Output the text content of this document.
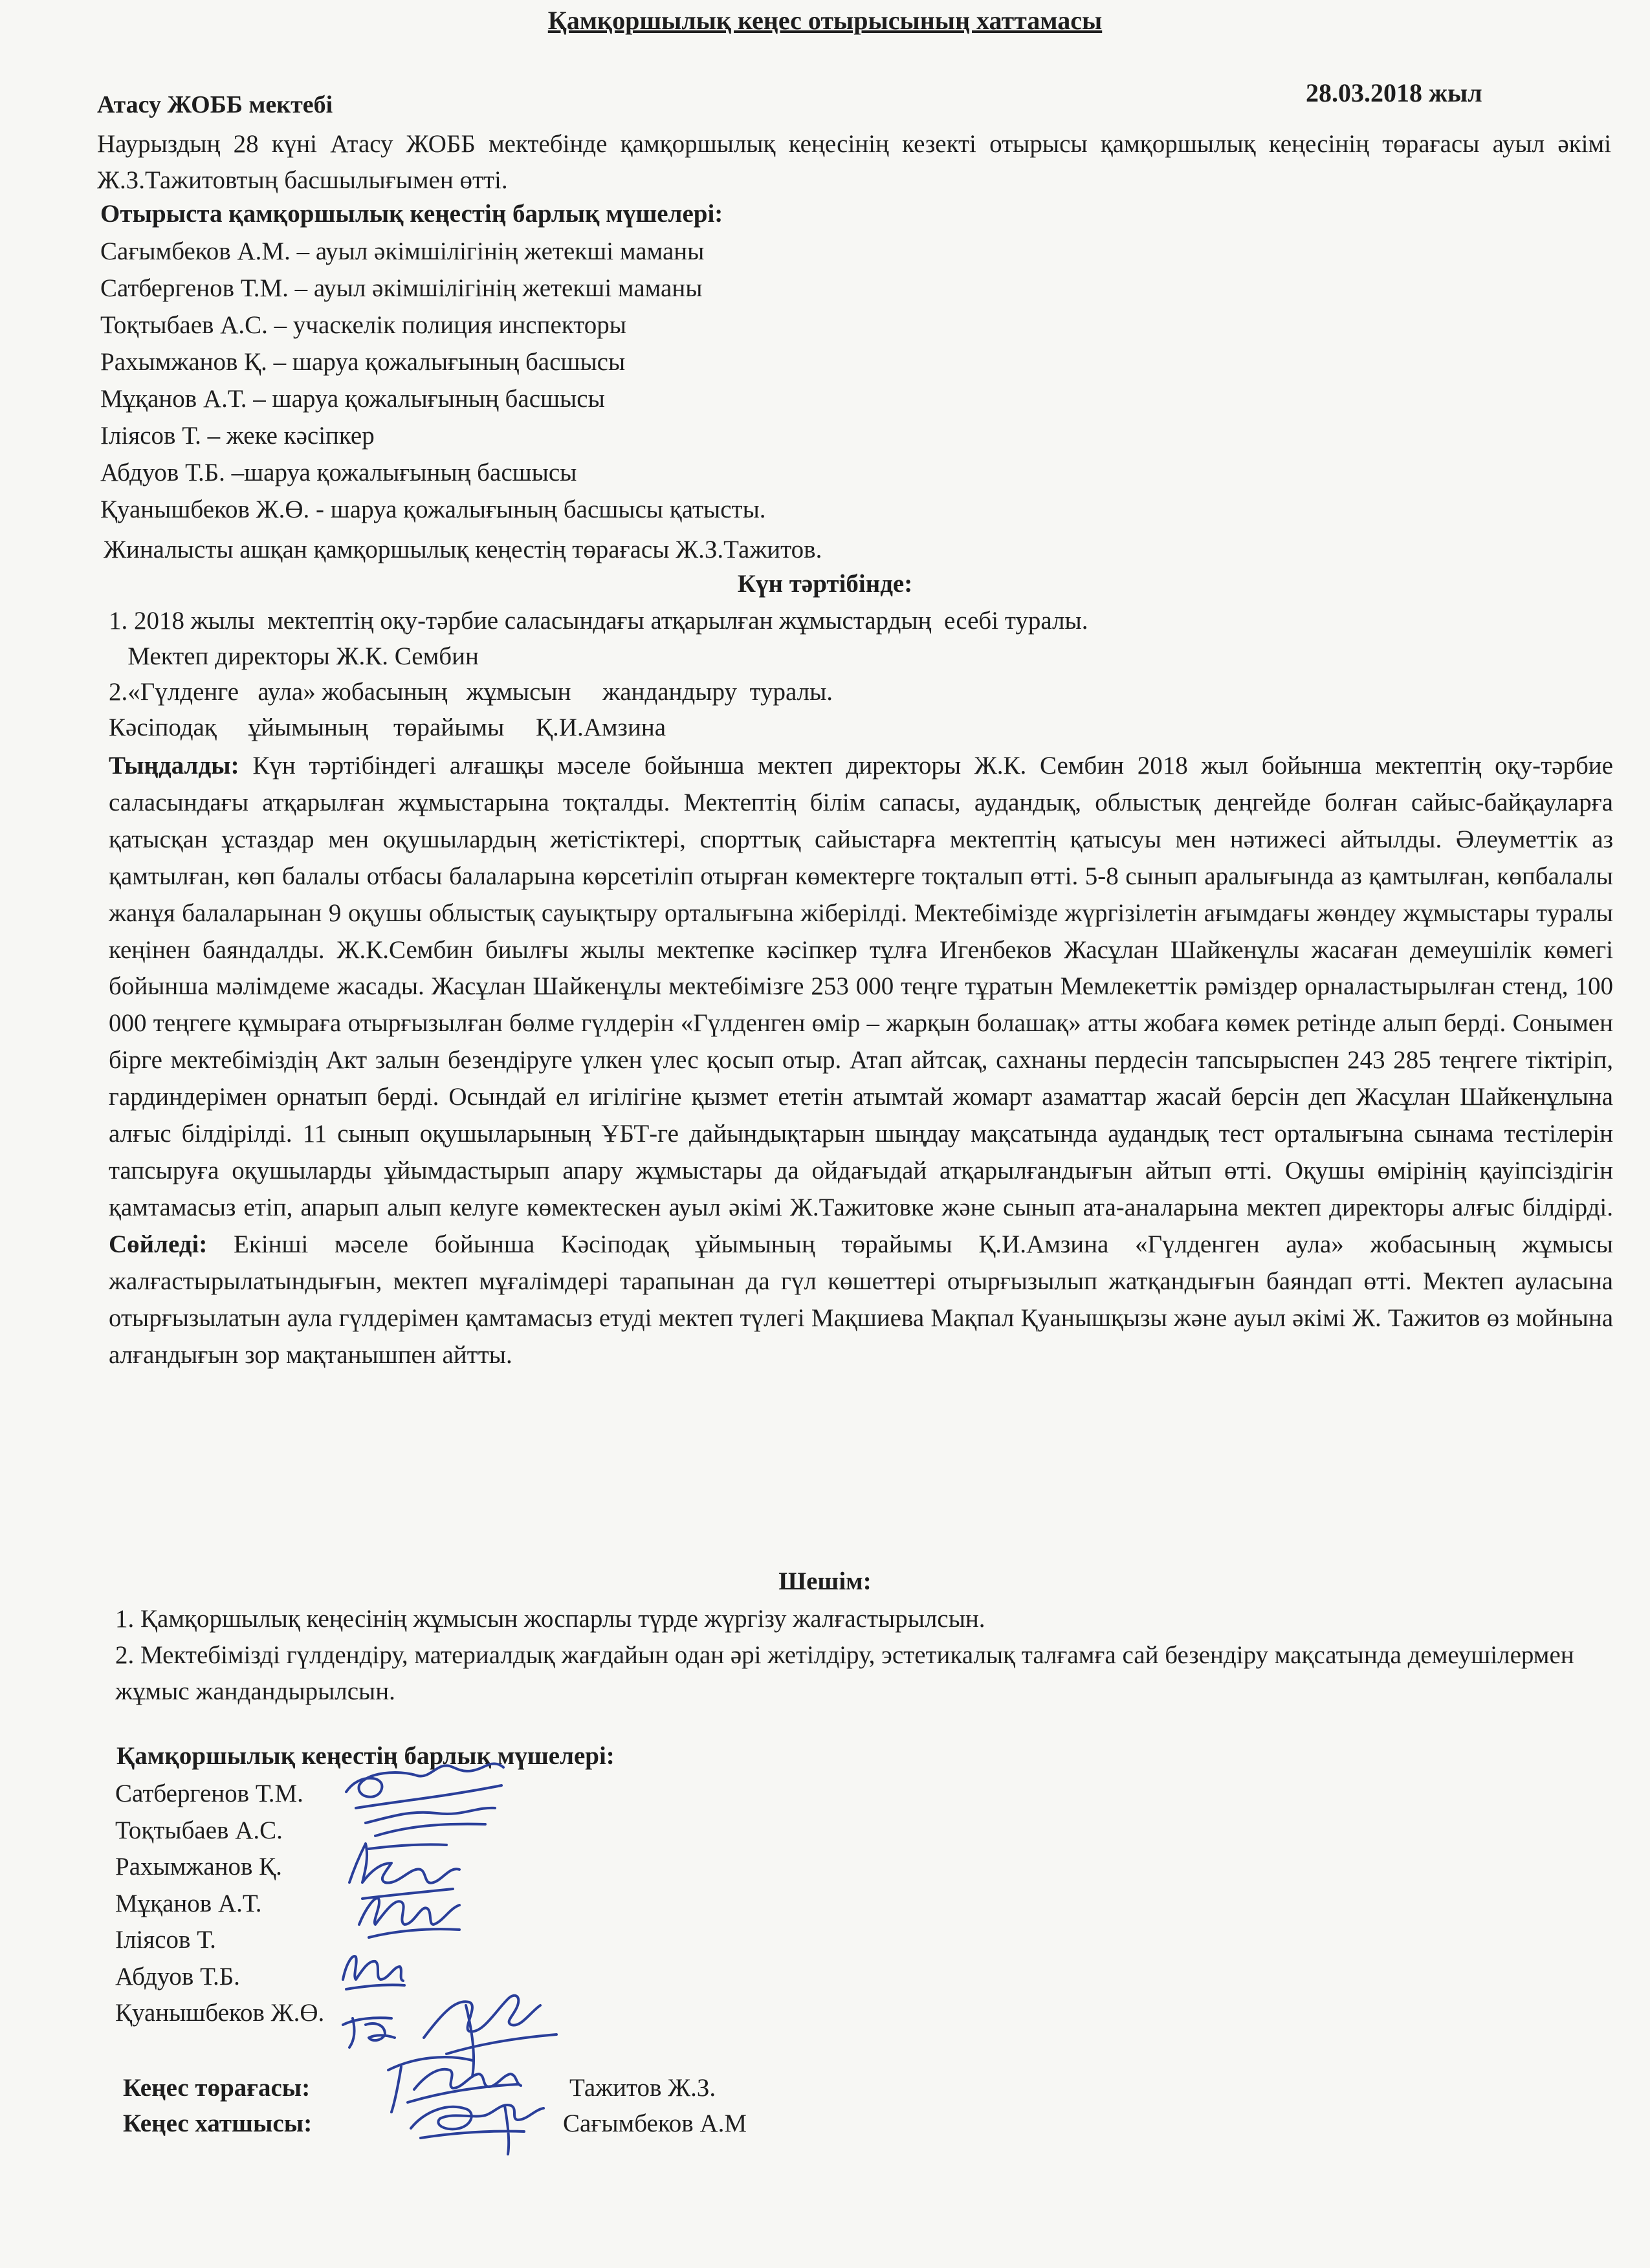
Қамқоршылық кеңес отырысының хаттамасы
Атасу ЖОББ мектебі	28.03.2018 жыл
Наурыздың 28 күні Атасу ЖОББ мектебінде қамқоршылық кеңесінің кезекті отырысы қамқоршылық кеңесінің төрағасы ауыл әкімі Ж.З.Тажитовтың басшылығымен өтті.
Отырыста қамқоршылық кеңестің барлық мүшелері:
Сағымбеков А.М. – ауыл әкімшілігінің жетекші маманы
Сатбергенов Т.М. – ауыл әкімшілігінің жетекші маманы
Тоқтыбаев А.С. – учаскелік полиция инспекторы
Рахымжанов Қ. – шаруа қожалығының басшысы
Мұқанов А.Т. – шаруа қожалығының басшысы
Іліясов Т. – жеке кәсіпкер
Абдуов Т.Б. –шаруа қожалығының басшысы
Қуанышбеков Ж.Ө. - шаруа қожалығының басшысы қатысты.
Жиналысты ашқан қамқоршылық кеңестің төрағасы Ж.З.Тажитов.
Күн тәртібінде:
1. 2018 жылы  мектептің оқу-тәрбие саласындағы атқарылған жұмыстардың  есебі туралы.
Мектеп директоры Ж.К. Сембин
2.«Гүлденге   аула» жобасының   жұмысын     жандандыру  туралы.
Кәсіподақ     ұйымының    төрайымы     Қ.И.Амзина

Тыңдалды: Күн тәртібіндегі алғашқы мәселе бойынша мектеп директоры Ж.К. Сембин 2018 жыл бойынша мектептің оқу-тәрбие саласындағы атқарылған жұмыстарына тоқталды. Мектептің білім сапасы, аудандық, облыстық деңгейде болған сайыс-байқауларға қатысқан ұстаздар мен оқушылардың жетістіктері, спорттық сайыстарға мектептің қатысуы мен нәтижесі айтылды. Әлеуметтік аз қамтылған, көп балалы отбасы балаларына көрсетіліп отырған көмектерге тоқталып өтті. 5-8 сынып аралығында аз қамтылған, көпбалалы жанұя балаларынан 9 оқушы облыстық сауықтыру орталығына жіберілді. Мектебімізде жүргізілетін ағымдағы жөндеу жұмыстары туралы кеңінен баяндалды. Ж.К.Сембин биылғы жылы мектепке кәсіпкер тұлға Игенбеков Жасұлан Шайкенұлы жасаған демеушілік көмегі бойынша мәлімдеме жасады. Жасұлан Шайкенұлы мектебімізге 253 000 теңге тұратын Мемлекеттік рәміздер орналастырылған стенд, 100 000 теңгеге құмыраға отырғызылған бөлме гүлдерін «Гүлденген өмір – жарқын болашақ» атты жобаға көмек ретінде алып берді. Сонымен бірге мектебіміздің Акт залын безендіруге үлкен үлес қосып отыр. Атап айтсақ, сахнаны пердесін тапсырыспен 243 285 теңгеге тіктіріп, гардиндерімен орнатып берді. Осындай ел игілігіне қызмет ететін атымтай жомарт азаматтар жасай берсін деп Жасұлан Шайкенұлына алғыс білдірілді. 11 сынып оқушыларының ҰБТ-ге дайындықтарын шыңдау мақсатында аудандық тест орталығына сынама тестілерін тапсыруға оқушыларды ұйымдастырып апару жұмыстары да ойдағыдай атқарылғандығын айтып өтті. Оқушы өмірінің қауіпсіздігін қамтамасыз етіп, апарып алып келуге көмектескен ауыл әкімі Ж.Тажитовке және сынып ата-аналарына мектеп директоры алғыс білдірді. Сөйледі: Екінші мәселе бойынша Кәсіподақ ұйымының төрайымы Қ.И.Амзина «Гүлденген аула» жобасының жұмысы жалғастырылатындығын, мектеп мұғалімдері тарапынан да гүл көшеттері отырғызылып жатқандығын баяндап өтті. Мектеп ауласына отырғызылатын аула гүлдерімен қамтамасыз етуді мектеп түлегі Мақшиева Мақпал Қуанышқызы және ауыл әкімі Ж. Тажитов өз мойнына алғандығын зор мақтанышпен айтты.

Шешім:
1. Қамқоршылық кеңесінің жұмысын жоспарлы түрде жүргізу жалғастырылсын.
2. Мектебімізді гүлдендіру, материалдық жағдайын одан әрі жетілдіру, эстетикалық талғамға сай безендіру мақсатында демеушілермен жұмыс жандандырылсын.
Қамқоршылық кеңестің барлық мүшелері:
Сатбергенов Т.М.
Тоқтыбаев А.С.
Рахымжанов Қ.
Мұқанов А.Т.
Іліясов Т.
Абдуов Т.Б.
Қуанышбеков Ж.Ө.
Кеңес төрағасы:	Тажитов Ж.З.
Кеңес хатшысы:	Сағымбеков А.М
